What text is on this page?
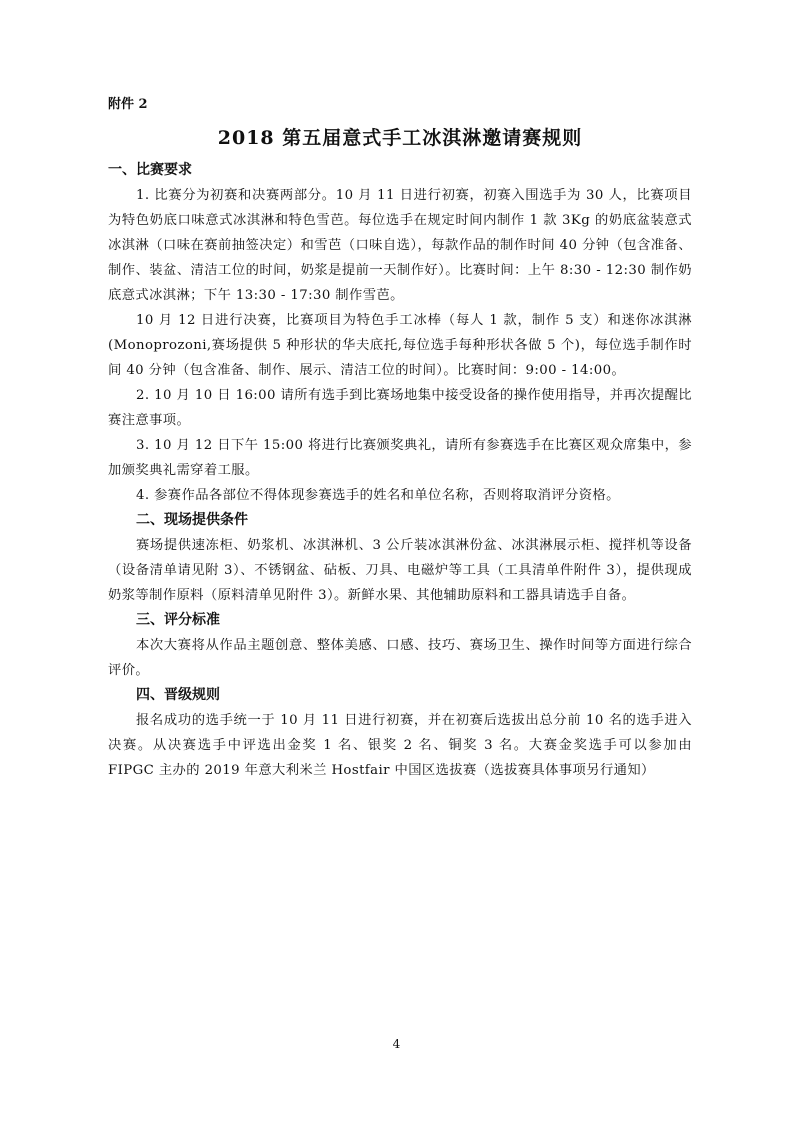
附件 2
2018 第五届意式手工冰淇淋邀请赛规则
一、比赛要求
1. 比赛分为初赛和决赛两部分。10 月 11 日进行初赛，初赛入围选手为 30 人，比赛项目为特色奶底口味意式冰淇淋和特色雪芭。每位选手在规定时间内制作 1 款 3Kg 的奶底盆装意式冰淇淋（口味在赛前抽签决定）和雪芭（口味自选），每款作品的制作时间 40 分钟（包含准备、制作、装盆、清洁工位的时间，奶浆是提前一天制作好）。比赛时间：上午 8:30 - 12:30 制作奶底意式冰淇淋；下午 13:30 - 17:30 制作雪芭。
10 月 12 日进行决赛，比赛项目为特色手工冰棒（每人 1 款，制作 5 支）和迷你冰淇淋(Monoprozoni,赛场提供 5 种形状的华夫底托,每位选手每种形状各做 5 个)，每位选手制作时间 40 分钟（包含准备、制作、展示、清洁工位的时间）。比赛时间：9:00 - 14:00。
2. 10 月 10 日 16:00 请所有选手到比赛场地集中接受设备的操作使用指导，并再次提醒比赛注意事项。
3. 10 月 12 日下午 15:00 将进行比赛颁奖典礼，请所有参赛选手在比赛区观众席集中，参加颁奖典礼需穿着工服。
4. 参赛作品各部位不得体现参赛选手的姓名和单位名称，否则将取消评分资格。
二、现场提供条件
赛场提供速冻柜、奶浆机、冰淇淋机、3 公斤装冰淇淋份盆、冰淇淋展示柜、搅拌机等设备（设备清单请见附 3）、不锈钢盆、砧板、刀具、电磁炉等工具（工具清单件附件 3），提供现成奶浆等制作原料（原料清单见附件 3）。新鲜水果、其他辅助原料和工器具请选手自备。
三、评分标准
本次大赛将从作品主题创意、整体美感、口感、技巧、赛场卫生、操作时间等方面进行综合评价。
四、晋级规则
报名成功的选手统一于 10 月 11 日进行初赛，并在初赛后选拔出总分前 10 名的选手进入决赛。从决赛选手中评选出金奖 1 名、银奖 2 名、铜奖 3 名。大赛金奖选手可以参加由 FIPGC 主办的 2019 年意大利米兰 Hostfair 中国区选拔赛（选拔赛具体事项另行通知）
4
